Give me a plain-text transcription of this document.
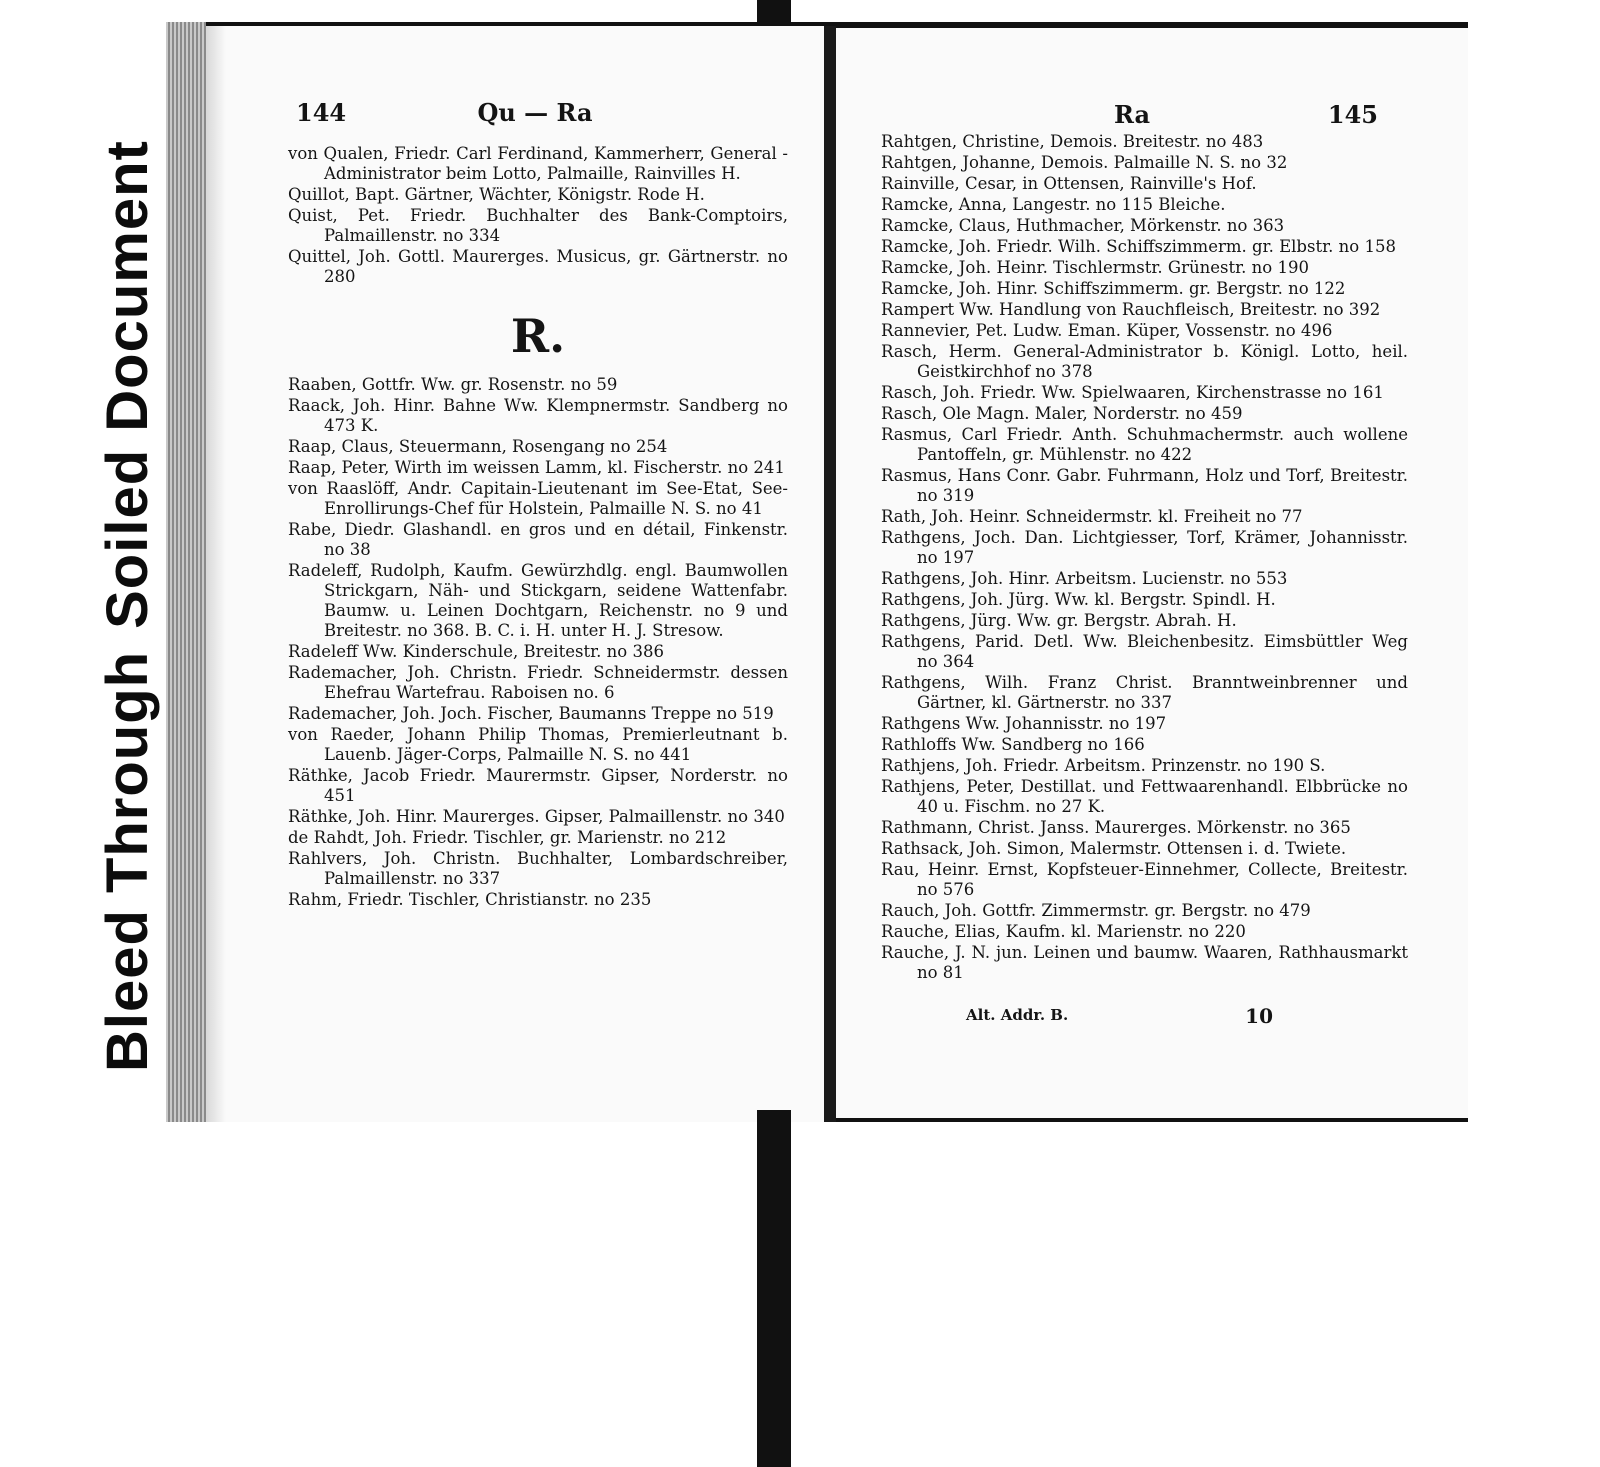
BleedThroughSoiled Document
144	Qu — Ra
von Qualen, Friedr. Carl Ferdinand, Kammerherr, General - Administrator beim Lotto, Palmaille, Rainvilles H.
Quillot, Bapt. Gärtner, Wächter, Königstr. Rode H.
Quist, Pet. Friedr. Buchhalter des Bank-Comptoirs, Palmaillenstr. no 334
Quittel, Joh. Gottl. Maurerges. Musicus, gr. Gärtnerstr. no 280
R.
Raaben, Gottfr. Ww. gr. Rosenstr. no 59
Raack, Joh. Hinr. Bahne Ww. Klempnermstr. Sandberg no 473 K.
Raap, Claus, Steuermann, Rosengang no 254
Raap, Peter, Wirth im weissen Lamm, kl. Fischerstr. no 241
von Raaslöff, Andr. Capitain-Lieutenant im See-Etat, See-Enrollirungs-Chef für Holstein, Palmaille N. S. no 41
Rabe, Diedr. Glashandl. en gros und en détail, Finkenstr. no 38
Radeleff, Rudolph, Kaufm. Gewürzhdlg. engl. Baumwollen Strickgarn, Näh- und Stickgarn, seidene Wattenfabr. Baumw. u. Leinen Dochtgarn, Reichenstr. no 9 und Breitestr. no 368. B. C. i. H. unter H. J. Stresow.
Radeleff Ww. Kinderschule, Breitestr. no 386
Rademacher, Joh. Christn. Friedr. Schneidermstr. dessen Ehefrau Wartefrau. Raboisen no. 6
Rademacher, Joh. Joch. Fischer, Baumanns Treppe no 519
von Raeder, Johann Philip Thomas, Premierleutnant b. Lauenb. Jäger-Corps, Palmaille N. S. no 441
Räthke, Jacob Friedr. Maurermstr. Gipser, Norderstr. no 451
Räthke, Joh. Hinr. Maurerges. Gipser, Palmaillenstr. no 340
de Rahdt, Joh. Friedr. Tischler, gr. Marienstr. no 212
Rahlvers, Joh. Christn. Buchhalter, Lombardschreiber, Palmaillenstr. no 337
Rahm, Friedr. Tischler, Christianstr. no 235
Ra	145
Rahtgen, Christine, Demois. Breitestr. no 483
Rahtgen, Johanne, Demois. Palmaille N. S. no 32
Rainville, Cesar, in Ottensen, Rainville's Hof.
Ramcke, Anna, Langestr. no 115 Bleiche.
Ramcke, Claus, Huthmacher, Mörkenstr. no 363
Ramcke, Joh. Friedr. Wilh. Schiffszimmerm. gr. Elbstr. no 158
Ramcke, Joh. Heinr. Tischlermstr. Grünestr. no 190
Ramcke, Joh. Hinr. Schiffszimmerm. gr. Bergstr. no 122
Rampert Ww. Handlung von Rauchfleisch, Breitestr. no 392
Rannevier, Pet. Ludw. Eman. Küper, Vossenstr. no 496
Rasch, Herm. General-Administrator b. Königl. Lotto, heil. Geistkirchhof no 378
Rasch, Joh. Friedr. Ww. Spielwaaren, Kirchenstrasse no 161
Rasch, Ole Magn. Maler, Norderstr. no 459
Rasmus, Carl Friedr. Anth. Schuhmachermstr. auch wollene Pantoffeln, gr. Mühlenstr. no 422
Rasmus, Hans Conr. Gabr. Fuhrmann, Holz und Torf, Breitestr. no 319
Rath, Joh. Heinr. Schneidermstr. kl. Freiheit no 77
Rathgens, Joch. Dan. Lichtgiesser, Torf, Krämer, Johannisstr. no 197
Rathgens, Joh. Hinr. Arbeitsm. Lucienstr. no 553
Rathgens, Joh. Jürg. Ww. kl. Bergstr. Spindl. H.
Rathgens, Jürg. Ww. gr. Bergstr. Abrah. H.
Rathgens, Parid. Detl. Ww. Bleichenbesitz. Eimsbüttler Weg no 364
Rathgens, Wilh. Franz Christ. Branntweinbrenner und Gärtner, kl. Gärtnerstr. no 337
Rathgens Ww. Johannisstr. no 197
Rathloffs Ww. Sandberg no 166
Rathjens, Joh. Friedr. Arbeitsm. Prinzenstr. no 190 S.
Rathjens, Peter, Destillat. und Fettwaarenhandl. Elbbrücke no 40 u. Fischm. no 27 K.
Rathmann, Christ. Janss. Maurerges. Mörkenstr. no 365
Rathsack, Joh. Simon, Malermstr. Ottensen i. d. Twiete.
Rau, Heinr. Ernst, Kopfsteuer-Einnehmer, Collecte, Breitestr. no 576
Rauch, Joh. Gottfr. Zimmermstr. gr. Bergstr. no 479
Rauche, Elias, Kaufm. kl. Marienstr. no 220
Rauche, J. N. jun. Leinen und baumw. Waaren, Rathhausmarkt no 81
Alt. Addr. B.	10
